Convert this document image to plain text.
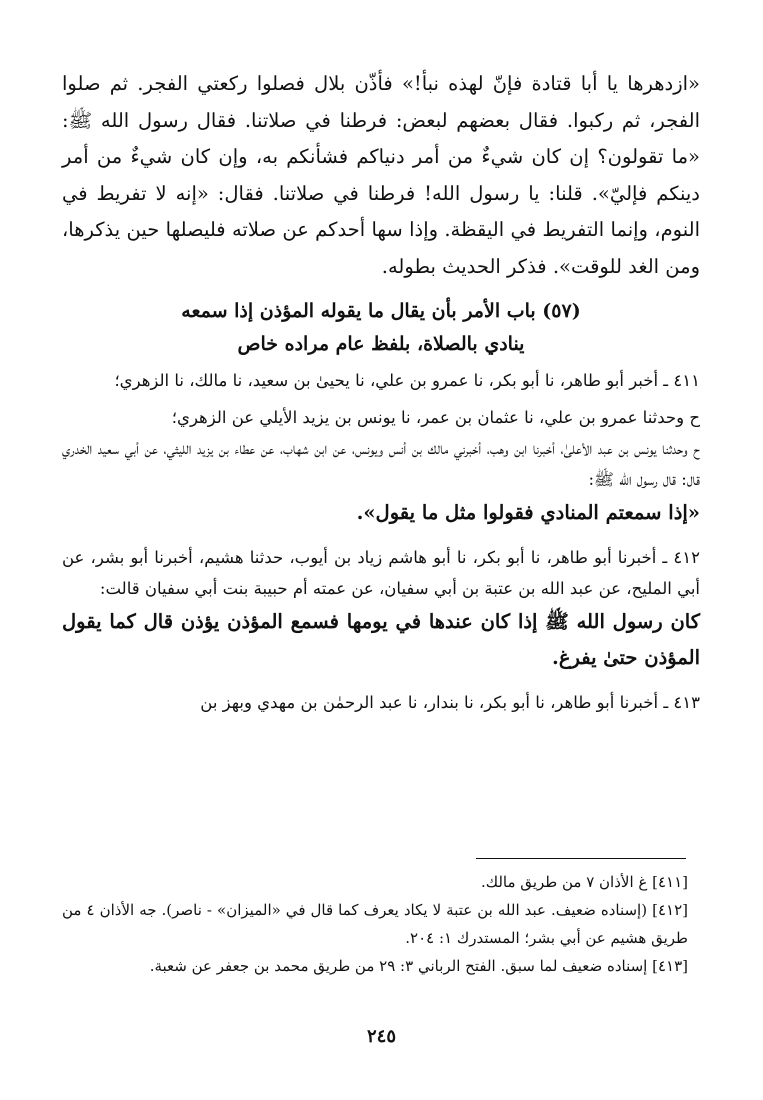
«ازدهرها يا أبا قتادة فإنّ لهذه نبأ!» فأذّن بلال فصلوا ركعتي الفجر. ثم صلوا الفجر، ثم ركبوا. فقال بعضهم لبعض: فرطنا في صلاتنا. فقال رسول الله ﷺ: «ما تقولون؟ إن كان شيءٌ من أمر دنياكم فشأنكم به، وإن كان شيءٌ من أمر دينكم فإليّ». قلنا: يا رسول الله! فرطنا في صلاتنا. فقال: «إنه لا تفريط في النوم، وإنما التفريط في اليقظة. وإذا سها أحدكم عن صلاته فليصلها حين يذكرها، ومن الغد للوقت». فذكر الحديث بطوله.

(٥٧) باب الأمر بأن يقال ما يقوله المؤذن إذا سمعه
ينادي بالصلاة، بلفظ عام مراده خاص

٤١١ ـ أخبر أبو طاهر، نا أبو بكر، نا عمرو بن علي، نا يحيىٰ بن سعيد، نا مالك، نا الزهري؛

ح وحدثنا عمرو بن علي، نا عثمان بن عمر، نا يونس بن يزيد الأيلي عن الزهري؛

ح وحدثنا يونس بن عبد الأعلىٰ، أخبرنا ابن وهب، أخبرني مالك بن أنس ويونس، عن ابن شهاب، عن عطاء بن يزيد الليثي، عن أبي سعيد الخدري قال: قال رسول الله ﷺ:

«إذا سمعتم المنادي فقولوا مثل ما يقول».

٤١٢ ـ أخبرنا أبو طاهر، نا أبو بكر، نا أبو هاشم زياد بن أيوب، حدثنا هشيم، أخبرنا أبو بشر، عن أبي المليح، عن عبد الله بن عتبة بن أبي سفيان، عن عمته أم حبيبة بنت أبي سفيان قالت:

كان رسول الله ﷺ إذا كان عندها في يومها فسمع المؤذن يؤذن قال كما يقول المؤذن حتىٰ يفرغ.

٤١٣ ـ أخبرنا أبو طاهر، نا أبو بكر، نا بندار، نا عبد الرحمٰن بن مهدي وبهز بن

[٤١١] غ الأذان ٧ من طريق مالك.

[٤١٢] (إسناده ضعيف. عبد الله بن عتبة لا يكاد يعرف كما قال في «الميزان» - ناصر). جه الأذان ٤ من طريق هشيم عن أبي بشر؛ المستدرك ١: ٢٠٤.

[٤١٣] إسناده ضعيف لما سبق. الفتح الرباني ٣: ٢٩ من طريق محمد بن جعفر عن شعبة.

٢٤٥
